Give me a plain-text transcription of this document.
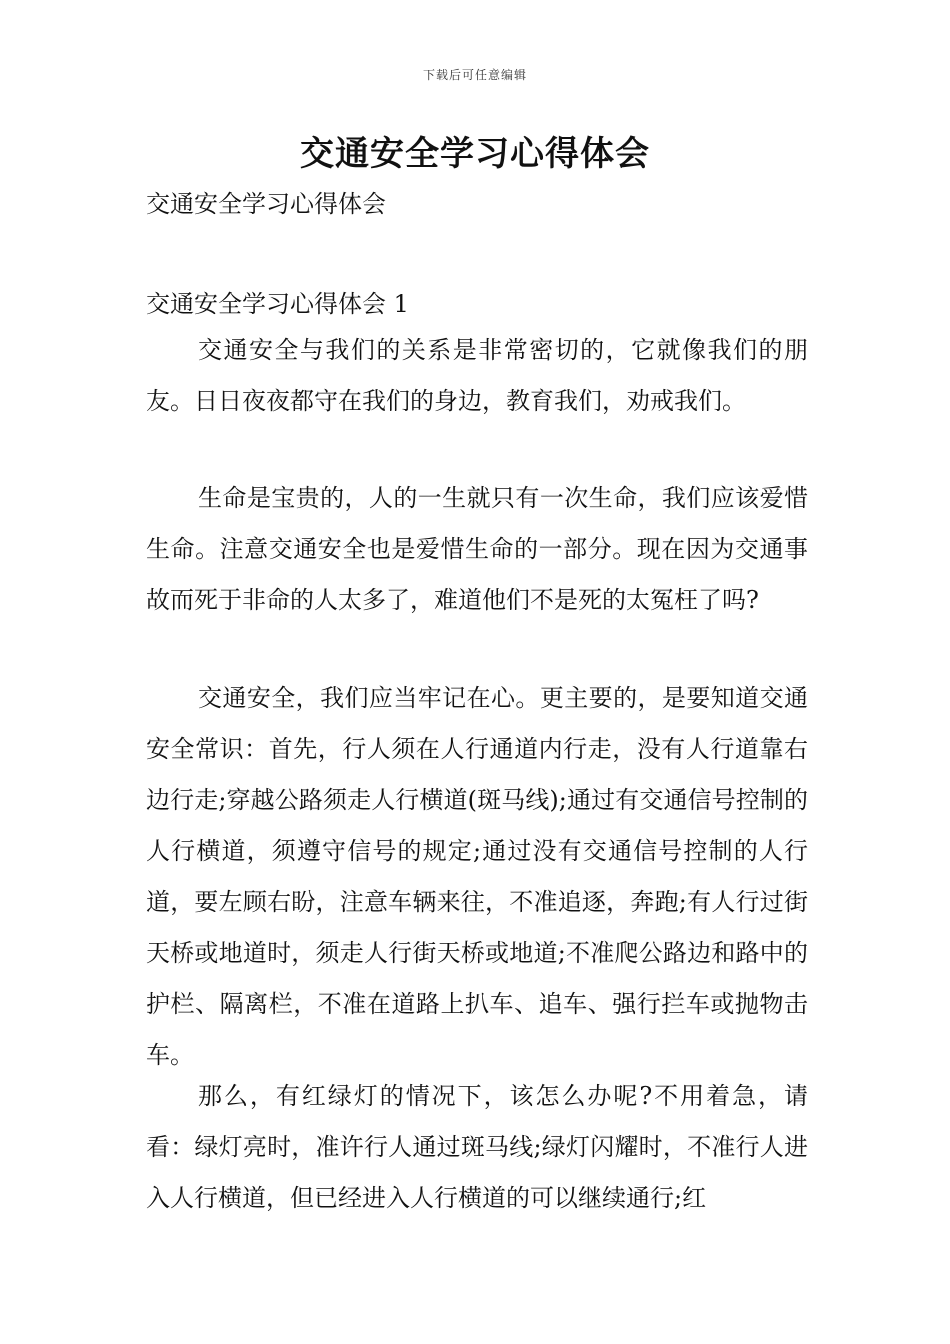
下载后可任意编辑
交通安全学习心得体会
交通安全学习心得体会
交通安全学习心得体会 1

交通安全与我们的关系是非常密切的，它就像我们的朋友。日日夜夜都守在我们的身边，教育我们，劝戒我们。

生命是宝贵的，人的一生就只有一次生命，我们应该爱惜生命。注意交通安全也是爱惜生命的一部分。现在因为交通事故而死于非命的人太多了，难道他们不是死的太冤枉了吗?

交通安全，我们应当牢记在心。更主要的，是要知道交通安全常识：首先，行人须在人行通道内行走，没有人行道靠右边行走;穿越公路须走人行横道(斑马线);通过有交通信号控制的人行横道，须遵守信号的规定;通过没有交通信号控制的人行道，要左顾右盼，注意车辆来往，不准追逐，奔跑;有人行过街天桥或地道时，须走人行街天桥或地道;不准爬公路边和路中的护栏、隔离栏，不准在道路上扒车、追车、强行拦车或抛物击车。

那么，有红绿灯的情况下，该怎么办呢?不用着急，请看：绿灯亮时，准许行人通过斑马线;绿灯闪耀时，不准行人进入人行横道，但已经进入人行横道的可以继续通行;红
